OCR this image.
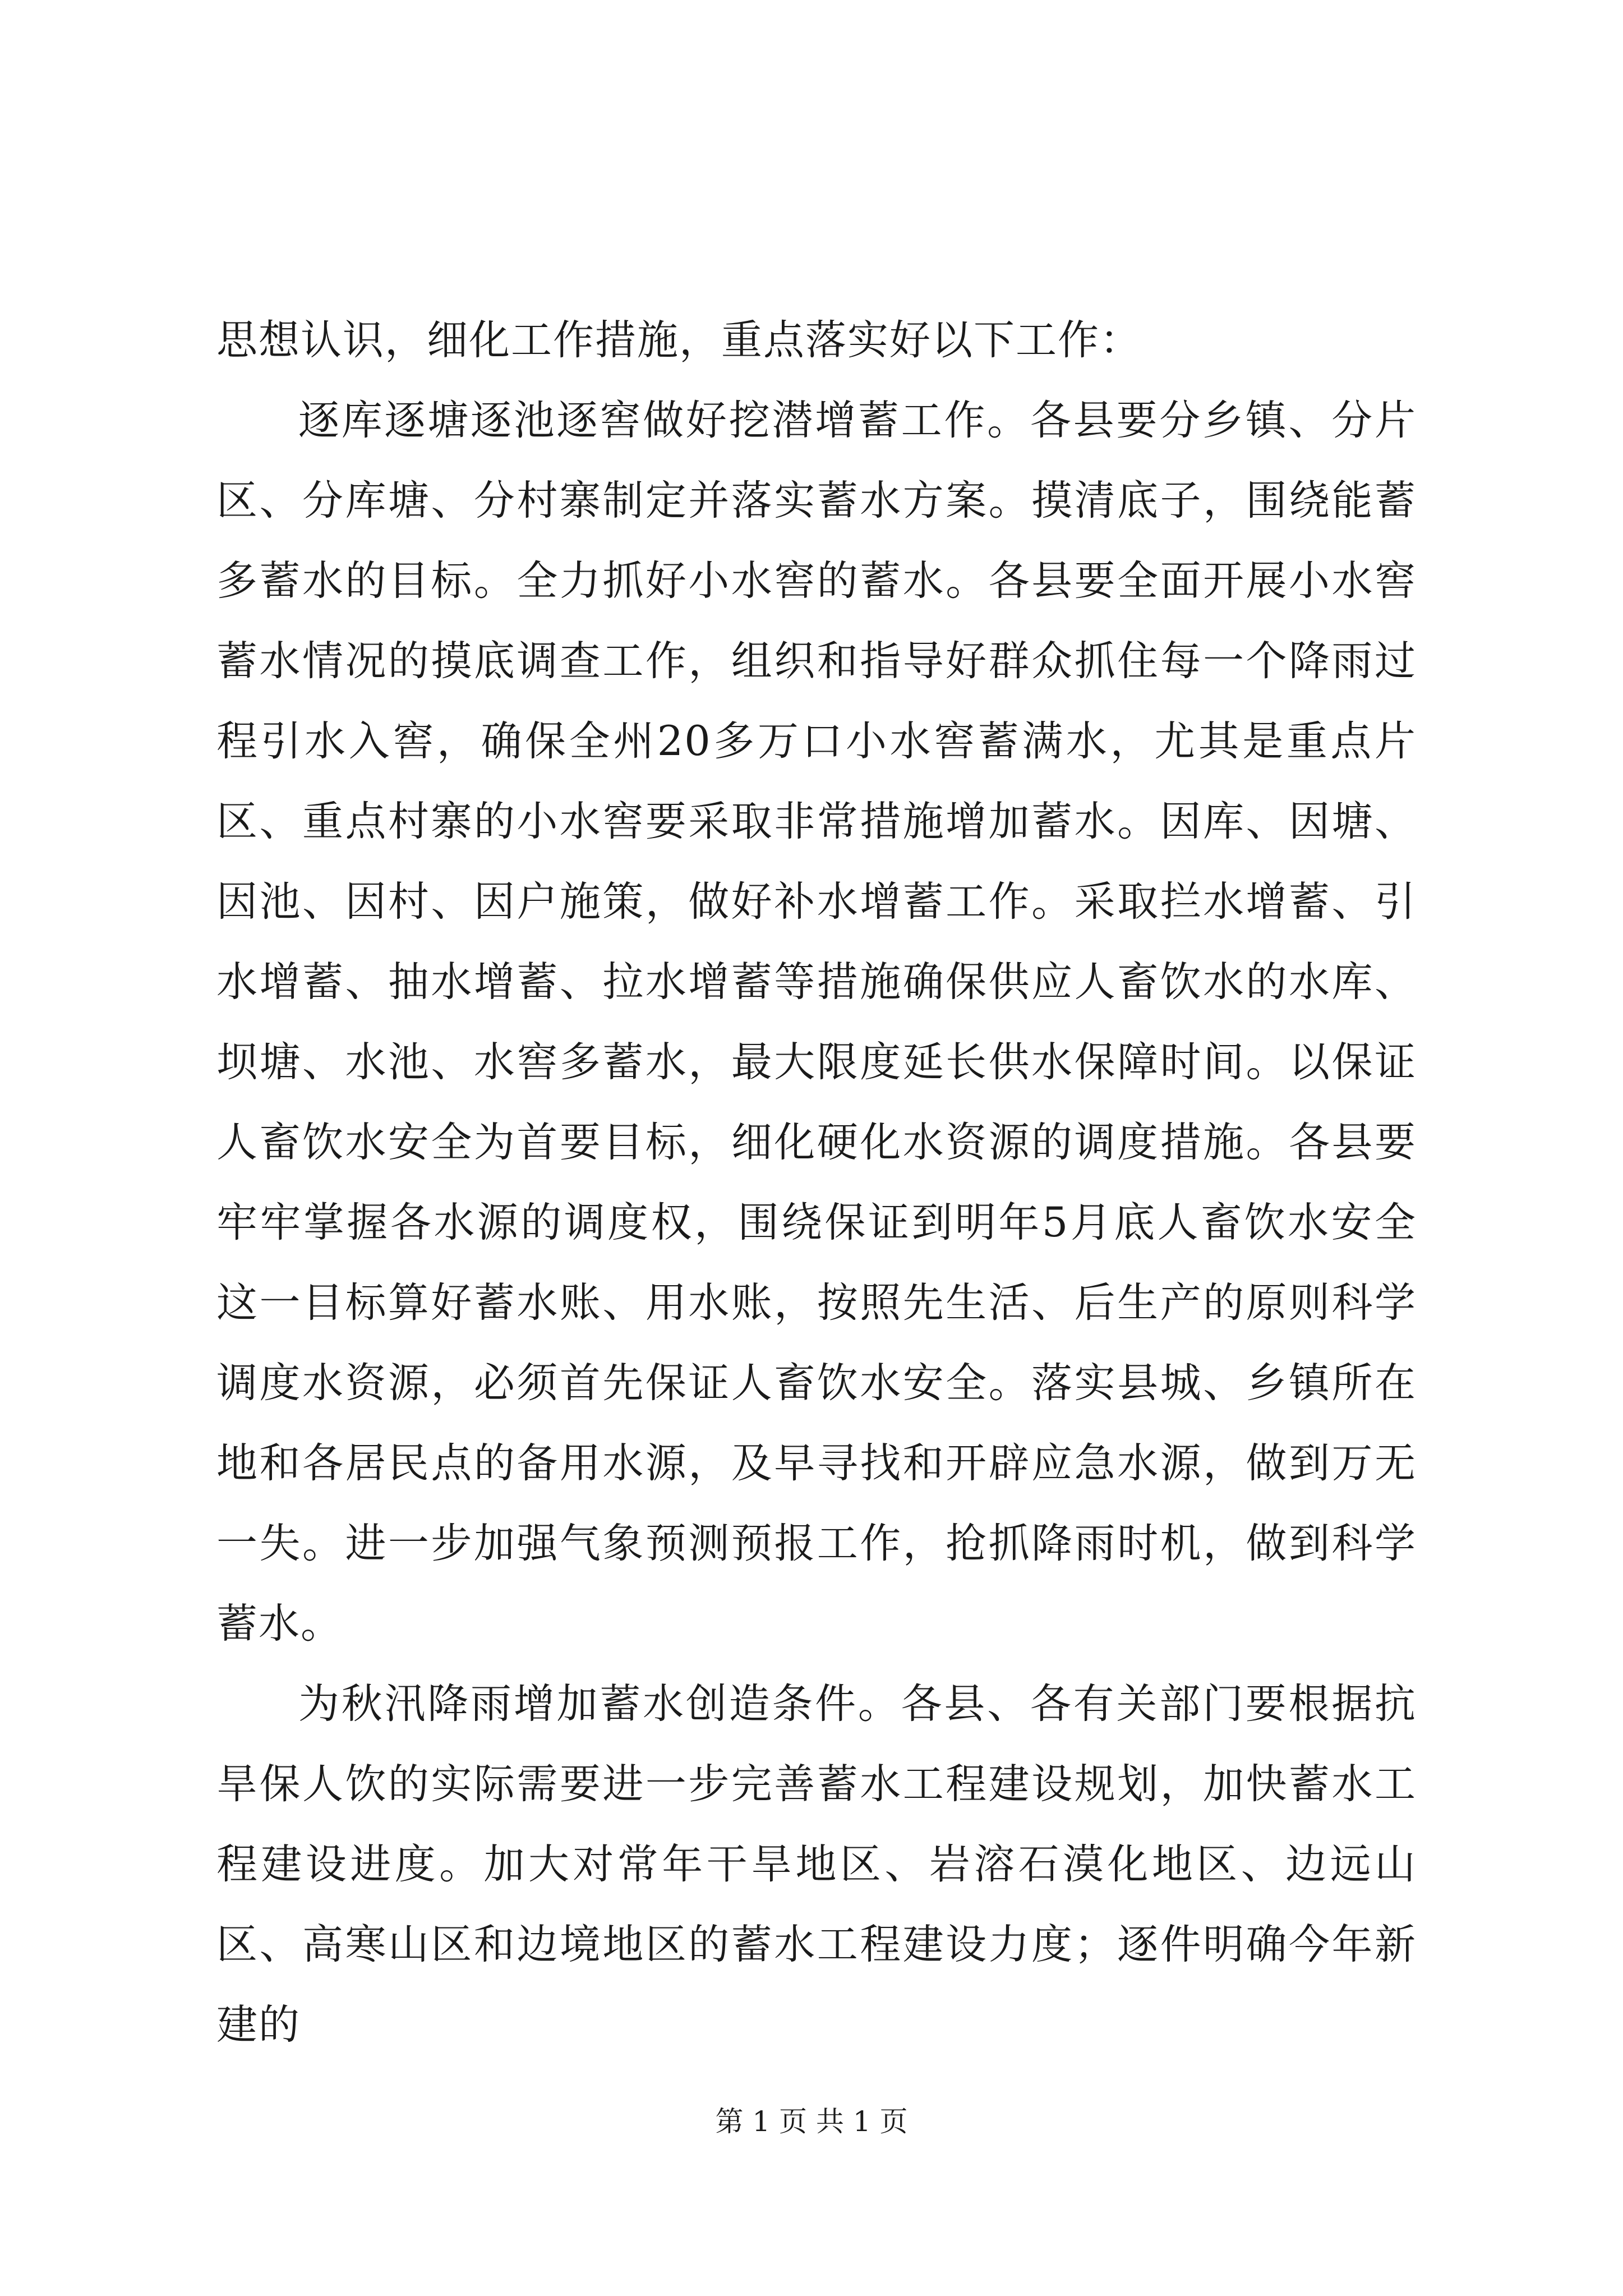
思想认识，细化工作措施，重点落实好以下工作：

逐库逐塘逐池逐窖做好挖潜增蓄工作。各县要分乡镇、分片区、分库塘、分村寨制定并落实蓄水方案。摸清底子，围绕能蓄多蓄水的目标。全力抓好小水窖的蓄水。各县要全面开展小水窖蓄水情况的摸底调查工作，组织和指导好群众抓住每一个降雨过程引水入窖，确保全州20多万口小水窖蓄满水，尤其是重点片区、重点村寨的小水窖要采取非常措施增加蓄水。因库、因塘、因池、因村、因户施策，做好补水增蓄工作。采取拦水增蓄、引水增蓄、抽水增蓄、拉水增蓄等措施确保供应人畜饮水的水库、坝塘、水池、水窖多蓄水，最大限度延长供水保障时间。以保证人畜饮水安全为首要目标，细化硬化水资源的调度措施。各县要牢牢掌握各水源的调度权，围绕保证到明年5月底人畜饮水安全这一目标算好蓄水账、用水账，按照先生活、后生产的原则科学调度水资源，必须首先保证人畜饮水安全。落实县城、乡镇所在地和各居民点的备用水源，及早寻找和开辟应急水源，做到万无一失。进一步加强气象预测预报工作，抢抓降雨时机，做到科学蓄水。

为秋汛降雨增加蓄水创造条件。各县、各有关部门要根据抗旱保人饮的实际需要进一步完善蓄水工程建设规划，加快蓄水工程建设进度。加大对常年干旱地区、岩溶石漠化地区、边远山区、高寒山区和边境地区的蓄水工程建设力度；逐件明确今年新建的

第 1 页 共 1 页
